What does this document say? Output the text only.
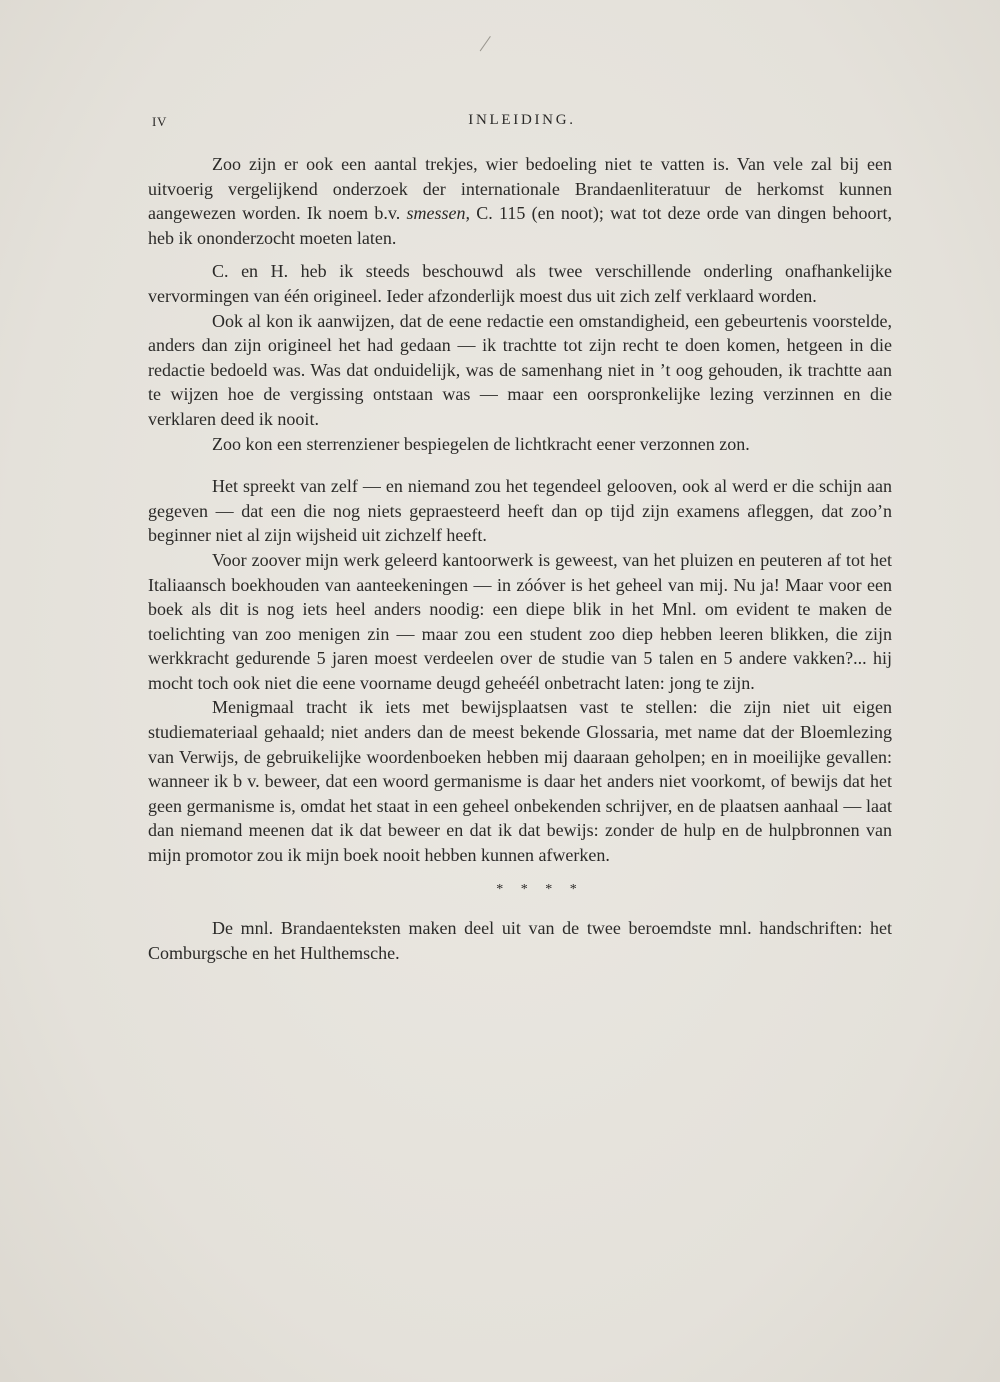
IV	INLEIDING.

Zoo zijn er ook een aantal trekjes, wier bedoeling niet te vatten is. Van vele zal bij een uitvoerig vergelijkend onderzoek der internationale Brandaenliteratuur de herkomst kunnen aangewezen worden. Ik noem b.v. smessen, C. 115 (en noot); wat tot deze orde van dingen behoort, heb ik ononderzocht moeten laten.

C. en H. heb ik steeds beschouwd als twee verschillende onderling onafhankelijke vervormingen van één origineel. Ieder afzonderlijk moest dus uit zich zelf verklaard worden.

Ook al kon ik aanwijzen, dat de eene redactie een omstandigheid, een gebeurtenis voorstelde, anders dan zijn origineel het had gedaan — ik trachtte tot zijn recht te doen komen, hetgeen in die redactie bedoeld was. Was dat onduidelijk, was de samenhang niet in ’t oog gehouden, ik trachtte aan te wijzen hoe de vergissing ontstaan was — maar een oorspronkelijke lezing verzinnen en die verklaren deed ik nooit.

Zoo kon een sterrenziener bespiegelen de lichtkracht eener verzonnen zon.

Het spreekt van zelf — en niemand zou het tegendeel gelooven, ook al werd er die schijn aan gegeven — dat een die nog niets gepraesteerd heeft dan op tijd zijn examens afleggen, dat zoo’n beginner niet al zijn wijsheid uit zichzelf heeft.

Voor zoover mijn werk geleerd kantoorwerk is geweest, van het pluizen en peuteren af tot het Italiaansch boekhouden van aanteekeningen — in zóóver is het geheel van mij. Nu ja! Maar voor een boek als dit is nog iets heel anders noodig: een diepe blik in het Mnl. om evident te maken de toelichting van zoo menigen zin — maar zou een student zoo diep hebben leeren blikken, die zijn werkkracht gedurende 5 jaren moest verdeelen over de studie van 5 talen en 5 andere vakken?... hij mocht toch ook niet die eene voorname deugd geheéél onbetracht laten: jong te zijn.

Menigmaal tracht ik iets met bewijsplaatsen vast te stellen: die zijn niet uit eigen studiemateriaal gehaald; niet anders dan de meest bekende Glossaria, met name dat der Bloemlezing van Verwijs, de gebruikelijke woordenboeken hebben mij daaraan geholpen; en in moeilijke gevallen: wanneer ik b v. beweer, dat een woord germanisme is daar het anders niet voorkomt, of bewijs dat het geen germanisme is, omdat het staat in een geheel onbekenden schrijver, en de plaatsen aanhaal — laat dan niemand meenen dat ik dat beweer en dat ik dat bewijs: zonder de hulp en de hulpbronnen van mijn promotor zou ik mijn boek nooit hebben kunnen afwerken.

* * * *

De mnl. Brandaenteksten maken deel uit van de twee beroemdste mnl. handschriften: het Comburgsche en het Hulthemsche.
